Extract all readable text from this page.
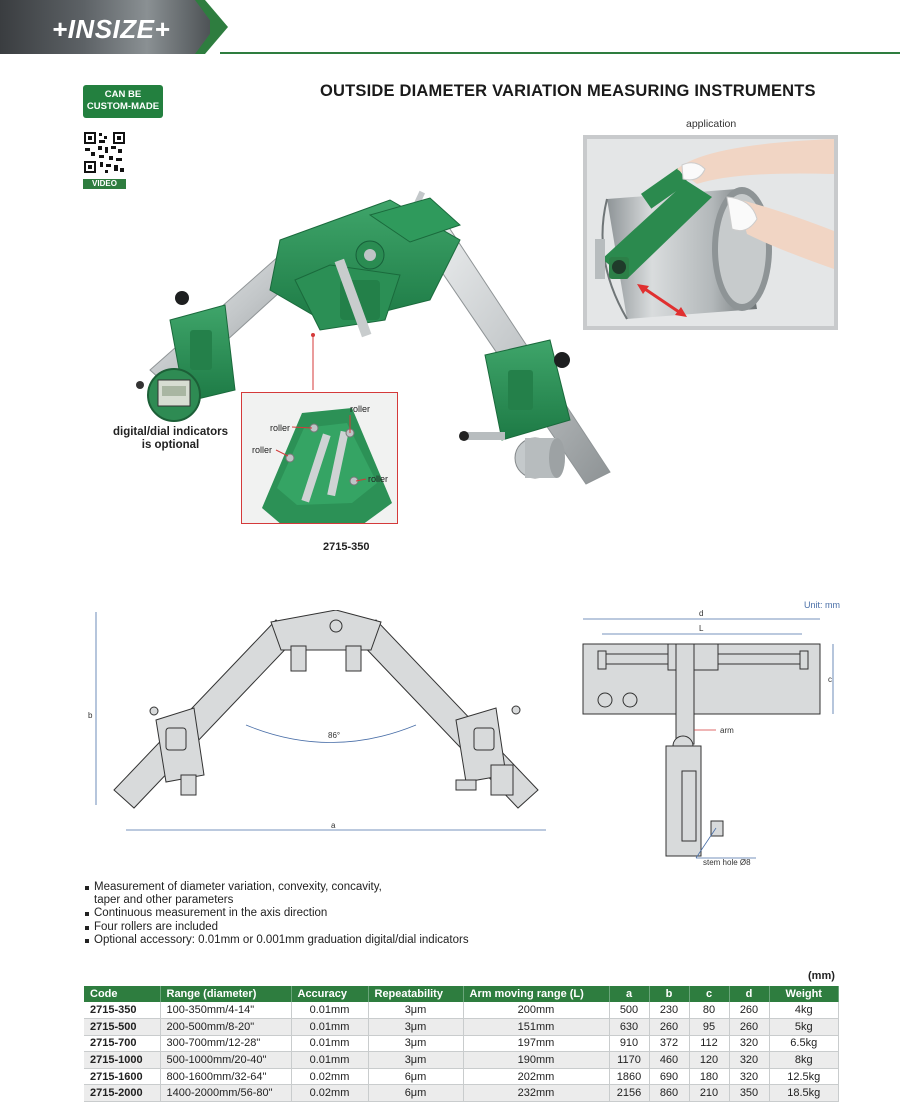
+INSIZE+
CAN BE
CUSTOM-MADE
VIDEO
OUTSIDE DIAMETER VARIATION MEASURING INSTRUMENTS
application
digital/dial indicators is optional
roller
roller
roller
roller
2715-350
86°
b
a
Unit: mm
d
L
c
arm
stem hole Ø8
Measurement of diameter variation, convexity, concavity,
taper and other parameters
Continuous measurement in the axis direction
Four rollers are included
Optional accessory: 0.01mm or 0.001mm graduation digital/dial indicators
(mm)
Code	Range (diameter)	Accuracy	Repeatability	Arm moving range (L)	a	b	c	d	Weight
2715-350	100-350mm/4-14"	0.01mm	3μm	200mm	500	230	80	260	4kg
2715-500	200-500mm/8-20"	0.01mm	3μm	151mm	630	260	95	260	5kg
2715-700	300-700mm/12-28"	0.01mm	3μm	197mm	910	372	112	320	6.5kg
2715-1000	500-1000mm/20-40"	0.01mm	3μm	190mm	1170	460	120	320	8kg
2715-1600	800-1600mm/32-64"	0.02mm	6μm	202mm	1860	690	180	320	12.5kg
2715-2000	1400-2000mm/56-80"	0.02mm	6μm	232mm	2156	860	210	350	18.5kg
